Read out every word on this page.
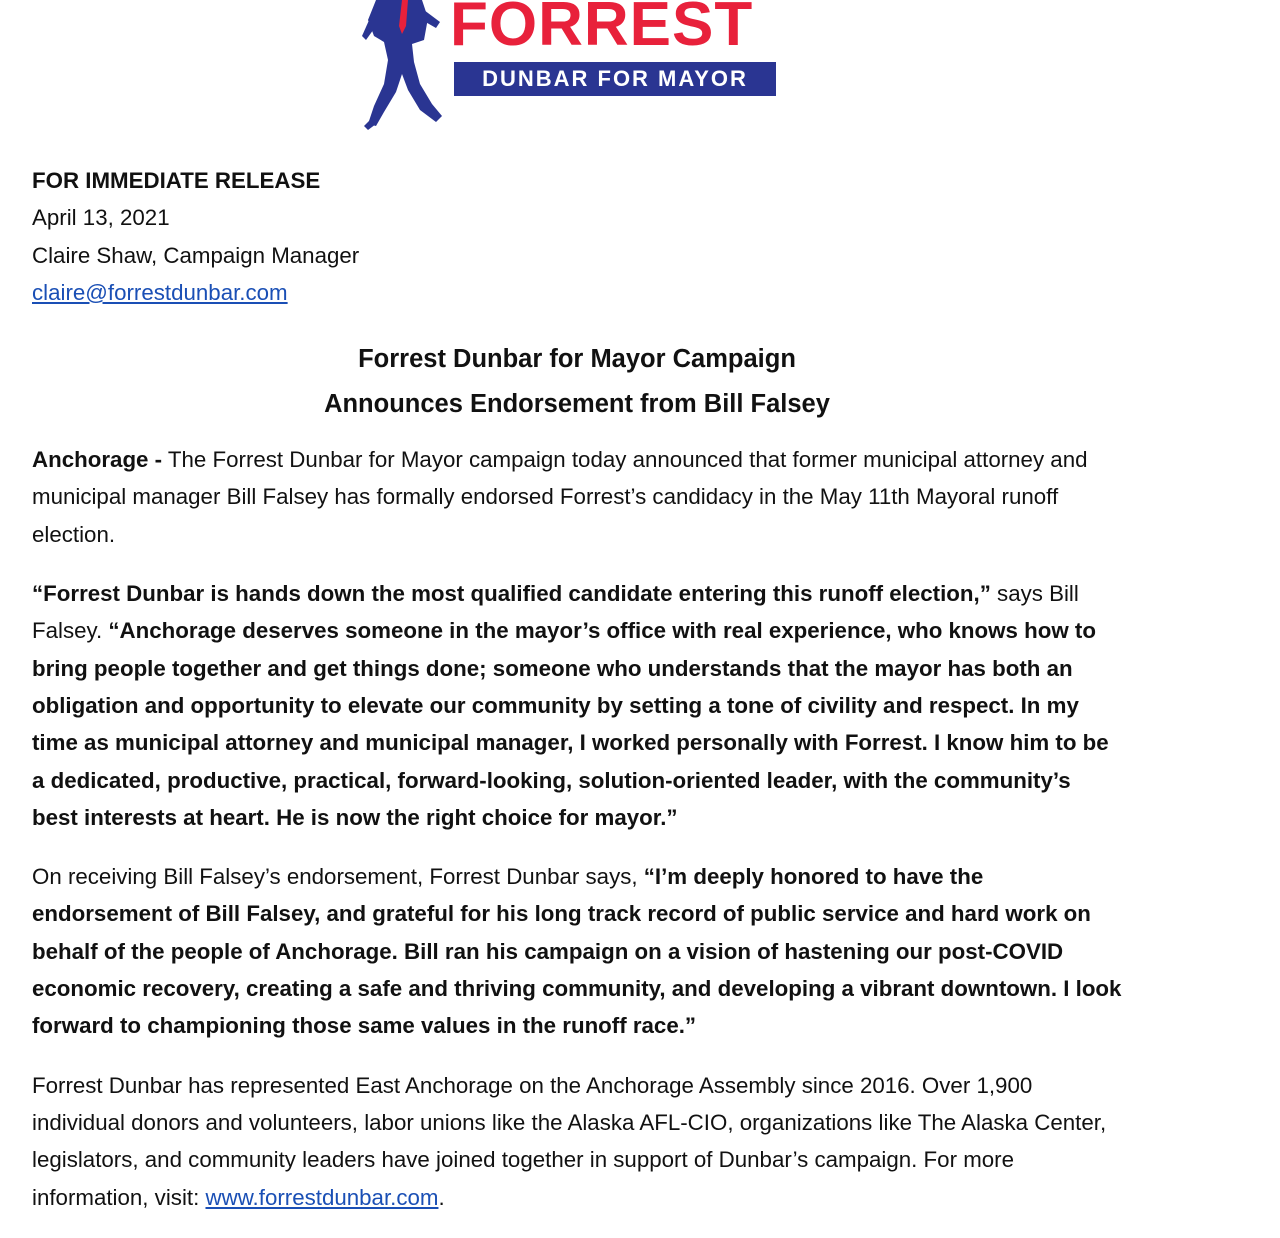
FORREST
DUNBAR FOR MAYOR

FOR IMMEDIATE RELEASE

April 13, 2021

Claire Shaw, Campaign Manager

claire@forrestdunbar.com

Forrest Dunbar for Mayor Campaign
Announces Endorsement from Bill Falsey

Anchorage - The Forrest Dunbar for Mayor campaign today announced that former municipal attorney and municipal manager Bill Falsey has formally endorsed Forrest’s candidacy in the May 11th Mayoral runoff election.

“Forrest Dunbar is hands down the most qualified candidate entering this runoff election,” says Bill Falsey. “Anchorage deserves someone in the mayor’s office with real experience, who knows how to bring people together and get things done; someone who understands that the mayor has both an obligation and opportunity to elevate our community by setting a tone of civility and respect. In my time as municipal attorney and municipal manager, I worked personally with Forrest. I know him to be a dedicated, productive, practical, forward-looking, solution-oriented leader, with the community’s best interests at heart. He is now the right choice for mayor.”

On receiving Bill Falsey’s endorsement, Forrest Dunbar says, “I’m deeply honored to have the endorsement of Bill Falsey, and grateful for his long track record of public service and hard work on behalf of the people of Anchorage. Bill ran his campaign on a vision of hastening our post-COVID economic recovery, creating a safe and thriving community, and developing a vibrant downtown. I look forward to championing those same values in the runoff race.”

Forrest Dunbar has represented East Anchorage on the Anchorage Assembly since 2016. Over 1,900 individual donors and volunteers, labor unions like the Alaska AFL-CIO, organizations like The Alaska Center, legislators, and community leaders have joined together in support of Dunbar’s campaign. For more information, visit: www.forrestdunbar.com.
